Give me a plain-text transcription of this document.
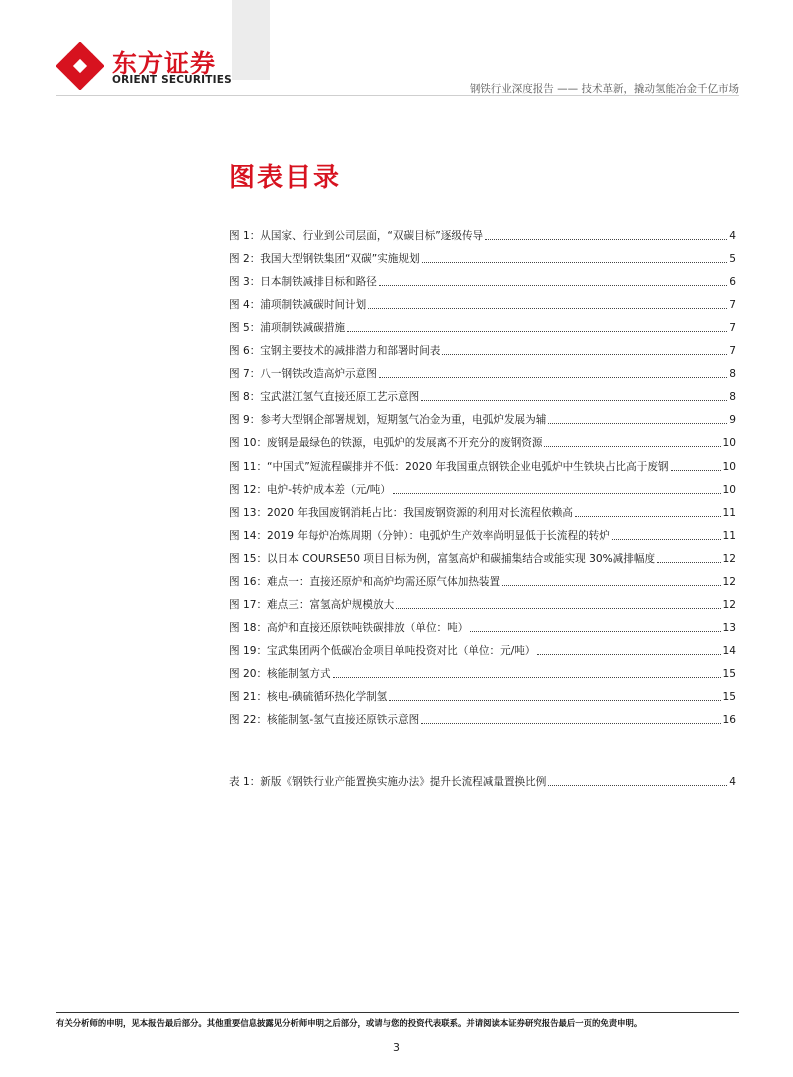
东方证券
ORIENT SECURITIES
钢铁行业深度报告 —— 技术革新，撬动氢能冶金千亿市场
图表目录
图 1：从国家、行业到公司层面，“双碳目标”逐级传导	4
图 2：我国大型钢铁集团“双碳”实施规划	5
图 3：日本制铁减排目标和路径	6
图 4：浦项制铁减碳时间计划	7
图 5：浦项制铁减碳措施	7
图 6：宝钢主要技术的减排潜力和部署时间表	7
图 7：八一钢铁改造高炉示意图	8
图 8：宝武湛江氢气直接还原工艺示意图	8
图 9：参考大型钢企部署规划，短期氢气冶金为重，电弧炉发展为辅	9
图 10：废钢是最绿色的铁源，电弧炉的发展离不开充分的废钢资源	10
图 11：“中国式”短流程碳排并不低：2020 年我国重点钢铁企业电弧炉中生铁块占比高于废钢	10
图 12：电炉-转炉成本差（元/吨）	10
图 13：2020 年我国废钢消耗占比：我国废钢资源的利用对长流程依赖高	11
图 14：2019 年每炉冶炼周期（分钟）：电弧炉生产效率尚明显低于长流程的转炉	11
图 15：以日本 COURSE50 项目目标为例，富氢高炉和碳捕集结合或能实现 30%减排幅度	12
图 16：难点一：直接还原炉和高炉均需还原气体加热装置	12
图 17：难点三：富氢高炉规模放大	12
图 18：高炉和直接还原铁吨铁碳排放（单位：吨）	13
图 19：宝武集团两个低碳冶金项目单吨投资对比（单位：元/吨）	14
图 20：核能制氢方式	15
图 21：核电-碘硫循环热化学制氢	15
图 22：核能制氢-氢气直接还原铁示意图	16
表 1：新版《钢铁行业产能置换实施办法》提升长流程减量置换比例	4
有关分析师的申明，见本报告最后部分。其他重要信息披露见分析师申明之后部分，或请与您的投资代表联系。并请阅读本证券研究报告最后一页的免责申明。
3
